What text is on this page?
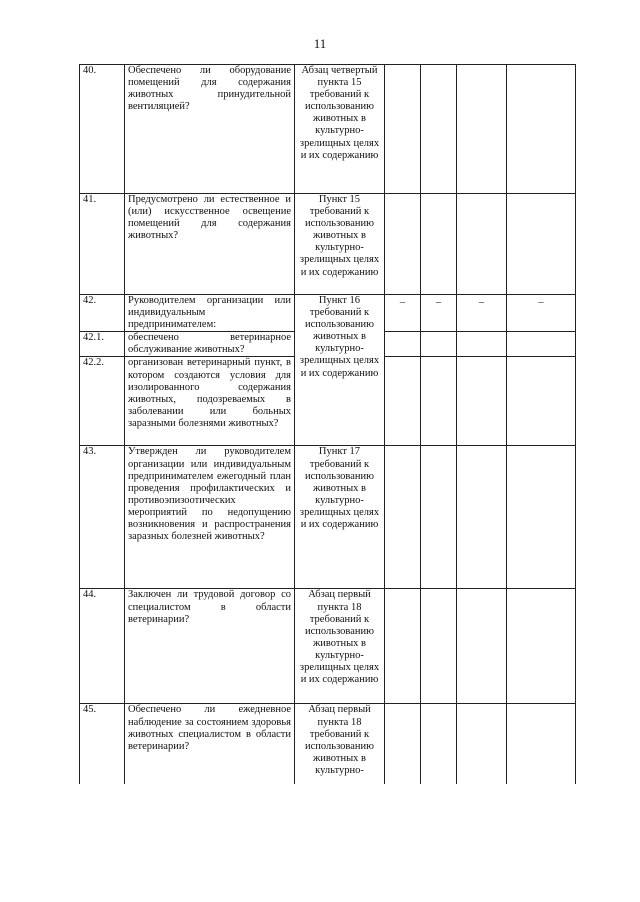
11
40.	Обеспечено ли оборудование помещений для содержания животных принудительной вентиляцией?	Абзац четвертый пункта 15 требований к использованию животных в культурно-зрелищных целях и их содержанию				
41.	Предусмотрено ли естественное и (или) искусственное освещение помещений для содержания животных?	Пункт 15 требований к использованию животных в культурно-зрелищных целях и их содержанию				
42.	Руководителем организации или индивидуальным предпринимателем:	Пункт 16 требований к использованию животных в культурно-зрелищных целях и их содержанию	–	–	–	–
42.1.	обеспечено ветеринарное обслуживание животных?					
42.2.	организован ветеринарный пункт, в котором создаются условия для изолированного содержания животных, подозреваемых в заболевании или больных заразными болезнями животных?					
43.	Утвержден ли руководителем организации или индивидуальным предпринимателем ежегодный план проведения профилактических и противоэпизоотических мероприятий по недопущению возникновения и распространения заразных болезней животных?	Пункт 17 требований к использованию животных в культурно-зрелищных целях и их содержанию				
44.	Заключен ли трудовой договор со специалистом в области ветеринарии?	Абзац первый пункта 18 требований к использованию животных в культурно-зрелищных целях и их содержанию				
45.	Обеспечено ли ежедневное наблюдение за состоянием здоровья животных специалистом в области ветеринарии?	Абзац первый пункта 18 требований к использованию животных в культурно-				
